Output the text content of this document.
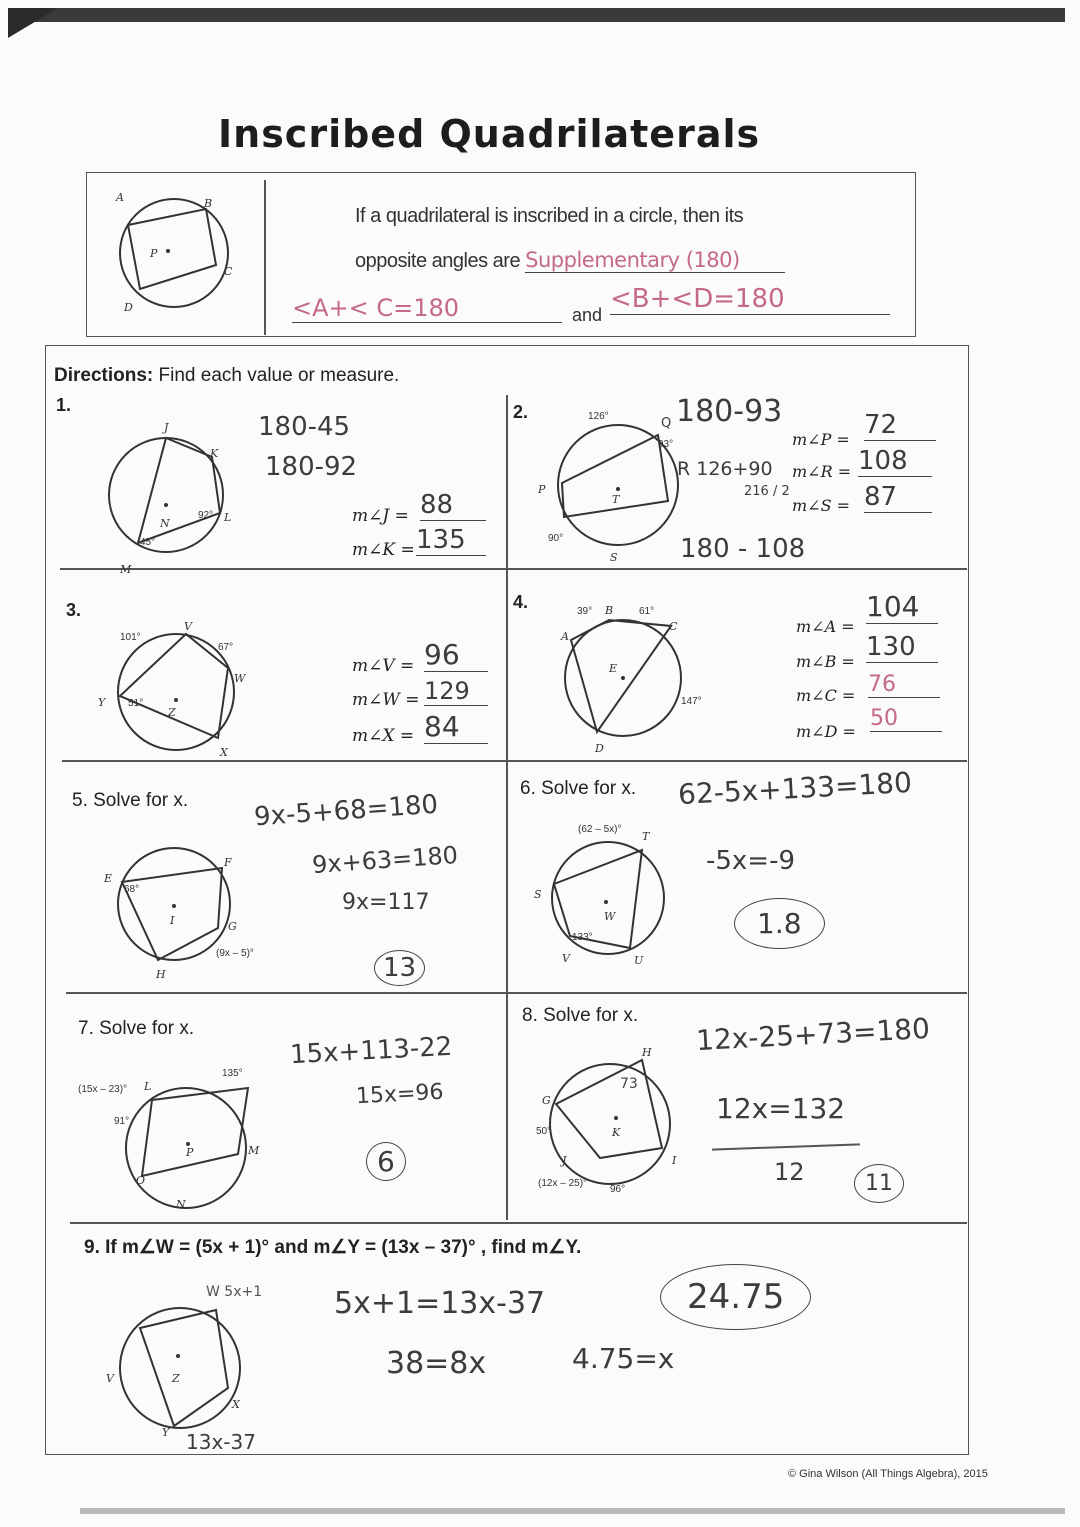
Inscribed Quadrilaterals
A	B
C
D
P
If a quadrilateral is inscribed in a circle, then its
opposite angles are Supplementary (180)
<A+< C=180	and
<B+<D=180
Directions: Find each value or measure.
1.
J
K
L
M
N
45°
92°
180-45
180-92
m∠J = 88
m∠K = 135
2.	126°
93°
90°
P
S
T
Q 180-93
R 126+90
216 / 2
180 - 108
m∠P = 72
m∠R = 108
m∠S = 87
3.
101°
V
67°
W
X
Y 51°
Z
m∠V = 96
m∠W = 129
m∠X = 84
4.	39° B	61°
C
A
D
E
147°
m∠A =
104
m∠B = 130
m∠C = 76
m∠D =
50
5. Solve for x.
E
68°
F
G
(9x – 5)°
H
I
9x-5+68=180
9x+63=180
9x=117
13
6. Solve for x.
(62 – 5x)°
T
S
W
133°
V	U
62-5x+133=180
-5x=-9
1.8
7. Solve for x.
(15x – 23)° L
91°
135°
M
N
O
P
15x+113-22
15x=96
6
8. Solve for x.
H
G
50°	K
I
J
(12x – 25)°
96°
73
12x-25+73=180
12x=132
12	11
9. If m∠W = (5x + 1)° and m∠Y = (13x – 37)° , find m∠Y.
V	Z
X
Y
W 5x+1
13x-37
5x+1=13x-37
38=8x	4.75=x
24.75
© Gina Wilson (All Things Algebra), 2015
